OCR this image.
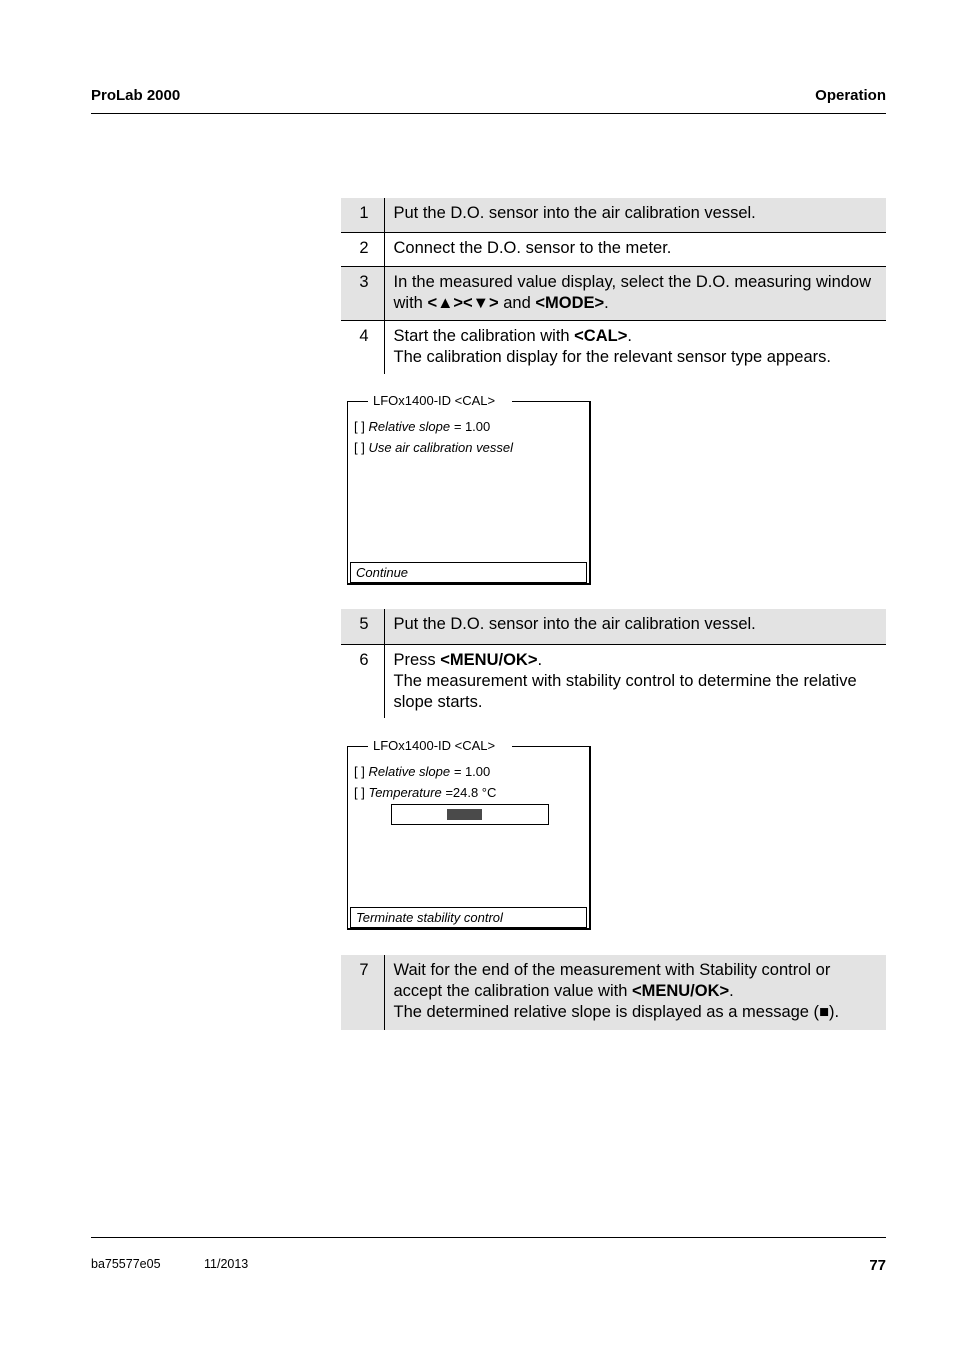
ProLab 2000	Operation
1	Put the D.O. sensor into the air calibration vessel.
2	Connect the D.O. sensor to the meter.
3	In the measured value display, select the D.O. measuring window with <▲><▼> and <MODE>.
4	Start the calibration with <CAL>.
The calibration display for the relevant sensor type appears.
LFOx1400-ID <CAL>
[ ] Relative slope = 1.00
[ ] Use air calibration vessel
Continue
5	Put the D.O. sensor into the air calibration vessel.
6	Press <MENU/OK>.
The measurement with stability control to determine the relative slope starts.
LFOx1400-ID <CAL>
[ ] Relative slope = 1.00
[ ] Temperature =24.8 °C
Terminate stability control
7	Wait for the end of the measurement with Stability control or accept the calibration value with <MENU/OK>.
The determined relative slope is displayed as a message (■).
ba75577e05	11/2013	77
